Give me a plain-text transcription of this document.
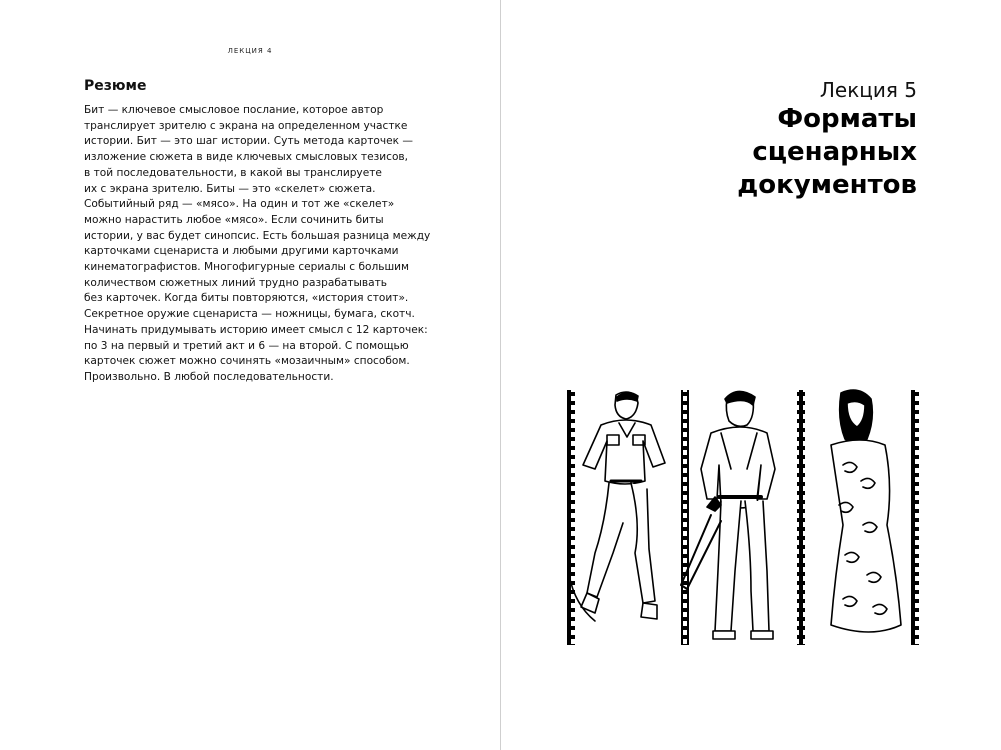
ЛЕКЦИЯ 4
Резюме

Бит — ключевое смысловое послание, которое автор
транслирует зрителю с экрана на определенном участке
истории. Бит — это шаг истории. Суть метода карточек —
изложение сюжета в виде ключевых смысловых тезисов,
в той последовательности, в какой вы транслируете
их с экрана зрителю. Биты — это «скелет» сюжета.
Событийный ряд — «мясо». На один и тот же «скелет»
можно нарастить любое «мясо». Если сочинить биты
истории, у вас будет синопсис. Есть большая разница между
карточками сценариста и любыми другими карточками
кинематографистов. Многофигурные сериалы с большим
количеством сюжетных линий трудно разрабатывать
без карточек. Когда биты повторяются, «история стоит».
Секретное оружие сценариста — ножницы, бумага, скотч.
Начинать придумывать историю имеет смысл с 12 карточек:
по 3 на первый и третий акт и 6 — на второй. С помощью
карточек сюжет можно сочинять «мозаичным» способом.
Произвольно. В любой последовательности.

Лекция 5
Форматы
сценарных
документов
